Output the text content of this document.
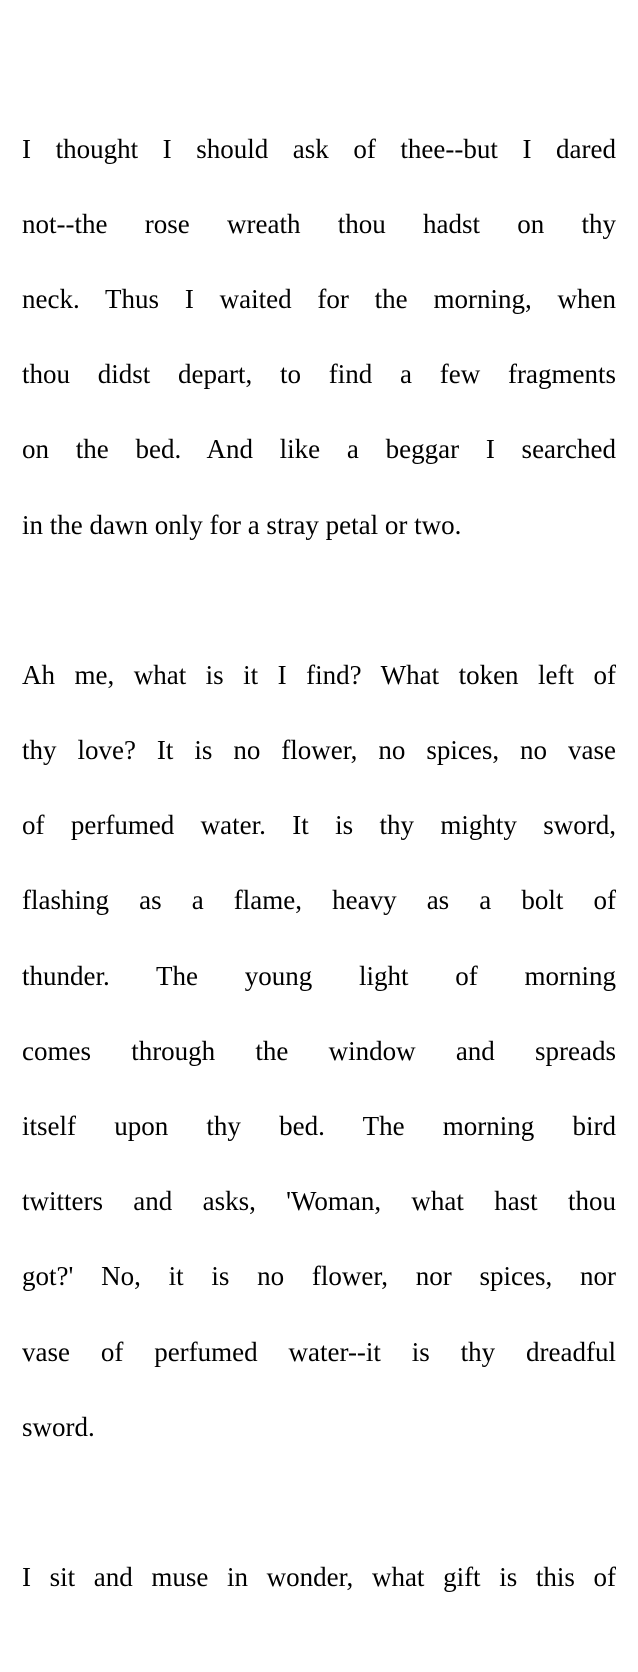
I thought I should ask of thee--but I dared

not--the rose wreath thou hadst on thy

neck. Thus I waited for the morning, when

thou didst depart, to find a few fragments

on the bed. And like a beggar I searched

in the dawn only for a stray petal or two.

Ah me, what is it I find? What token left of

thy love? It is no flower, no spices, no vase

of perfumed water. It is thy mighty sword,

flashing as a flame, heavy as a bolt of

thunder. The young light of morning

comes through the window and spreads

itself upon thy bed. The morning bird

twitters and asks, 'Woman, what hast thou

got?' No, it is no flower, nor spices, nor

vase of perfumed water--it is thy dreadful

sword.

I sit and muse in wonder, what gift is this of
